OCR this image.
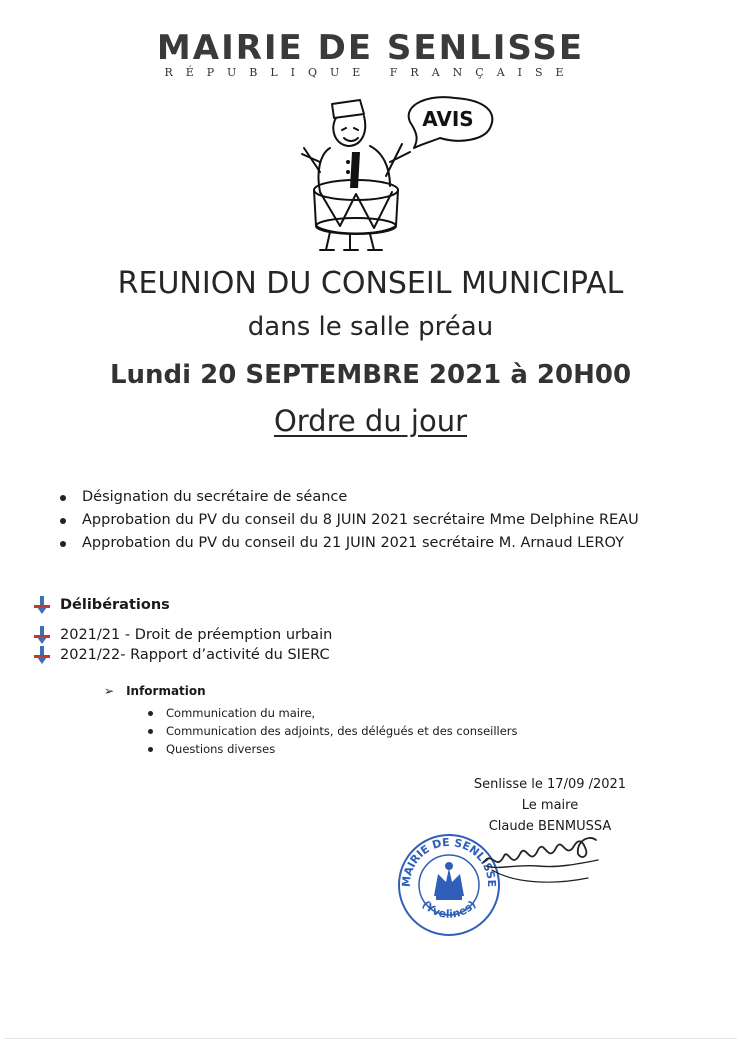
MAIRIE DE SENLISSE
RÉPUBLIQUE FRANÇAISE
AVIS
REUNION DU CONSEIL MUNICIPAL
dans le salle préau
Lundi 20 SEPTEMBRE 2021 à 20H00
Ordre du jour
Désignation du secrétaire de séance
Approbation du PV du conseil du 8 JUIN 2021 secrétaire Mme Delphine REAU
Approbation du PV du conseil du 21 JUIN 2021 secrétaire M. Arnaud LEROY
Délibérations
2021/21 - Droit de préemption urbain
2021/22- Rapport d’activité du SIERC
➢ Information
Communication du maire,
Communication des adjoints, des délégués et des conseillers
Questions diverses
Senlisse le 17/09 /2021
Le maire
Claude BENMUSSA
MAIRIE DE SENLISSE
(Yvelines)
